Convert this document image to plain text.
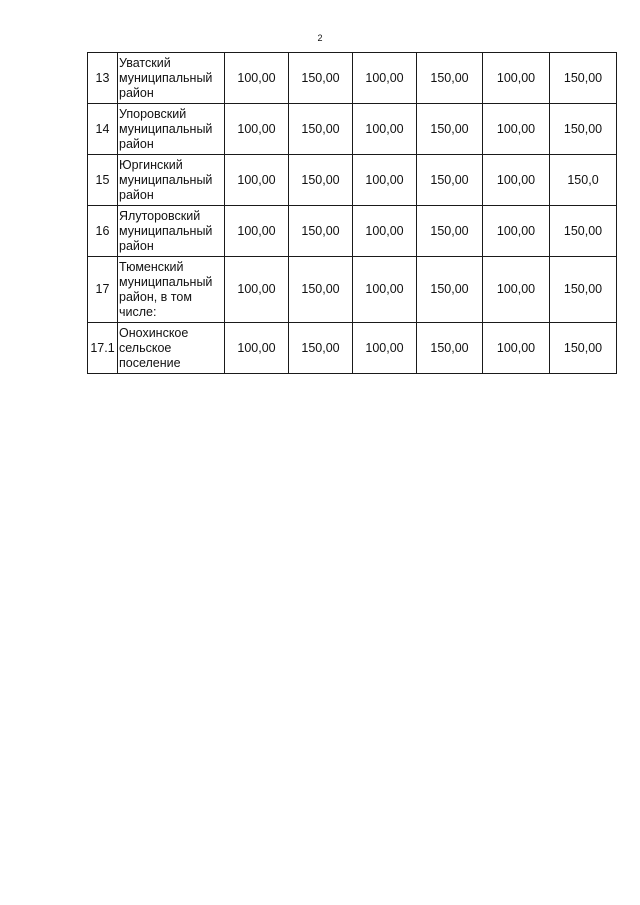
2
13	Уватский
муниципальный
район	100,00	150,00	100,00	150,00	100,00	150,00
14	Упоровский
муниципальный
район	100,00	150,00	100,00	150,00	100,00	150,00
15	Юргинский
муниципальный
район	100,00	150,00	100,00	150,00	100,00	150,0
16	Ялуторовский
муниципальный
район	100,00	150,00	100,00	150,00	100,00	150,00
17	Тюменский
муниципальный
район, в том
числе:	100,00	150,00	100,00	150,00	100,00	150,00
17.1	Онохинское
сельское
поселение	100,00	150,00	100,00	150,00	100,00	150,00
